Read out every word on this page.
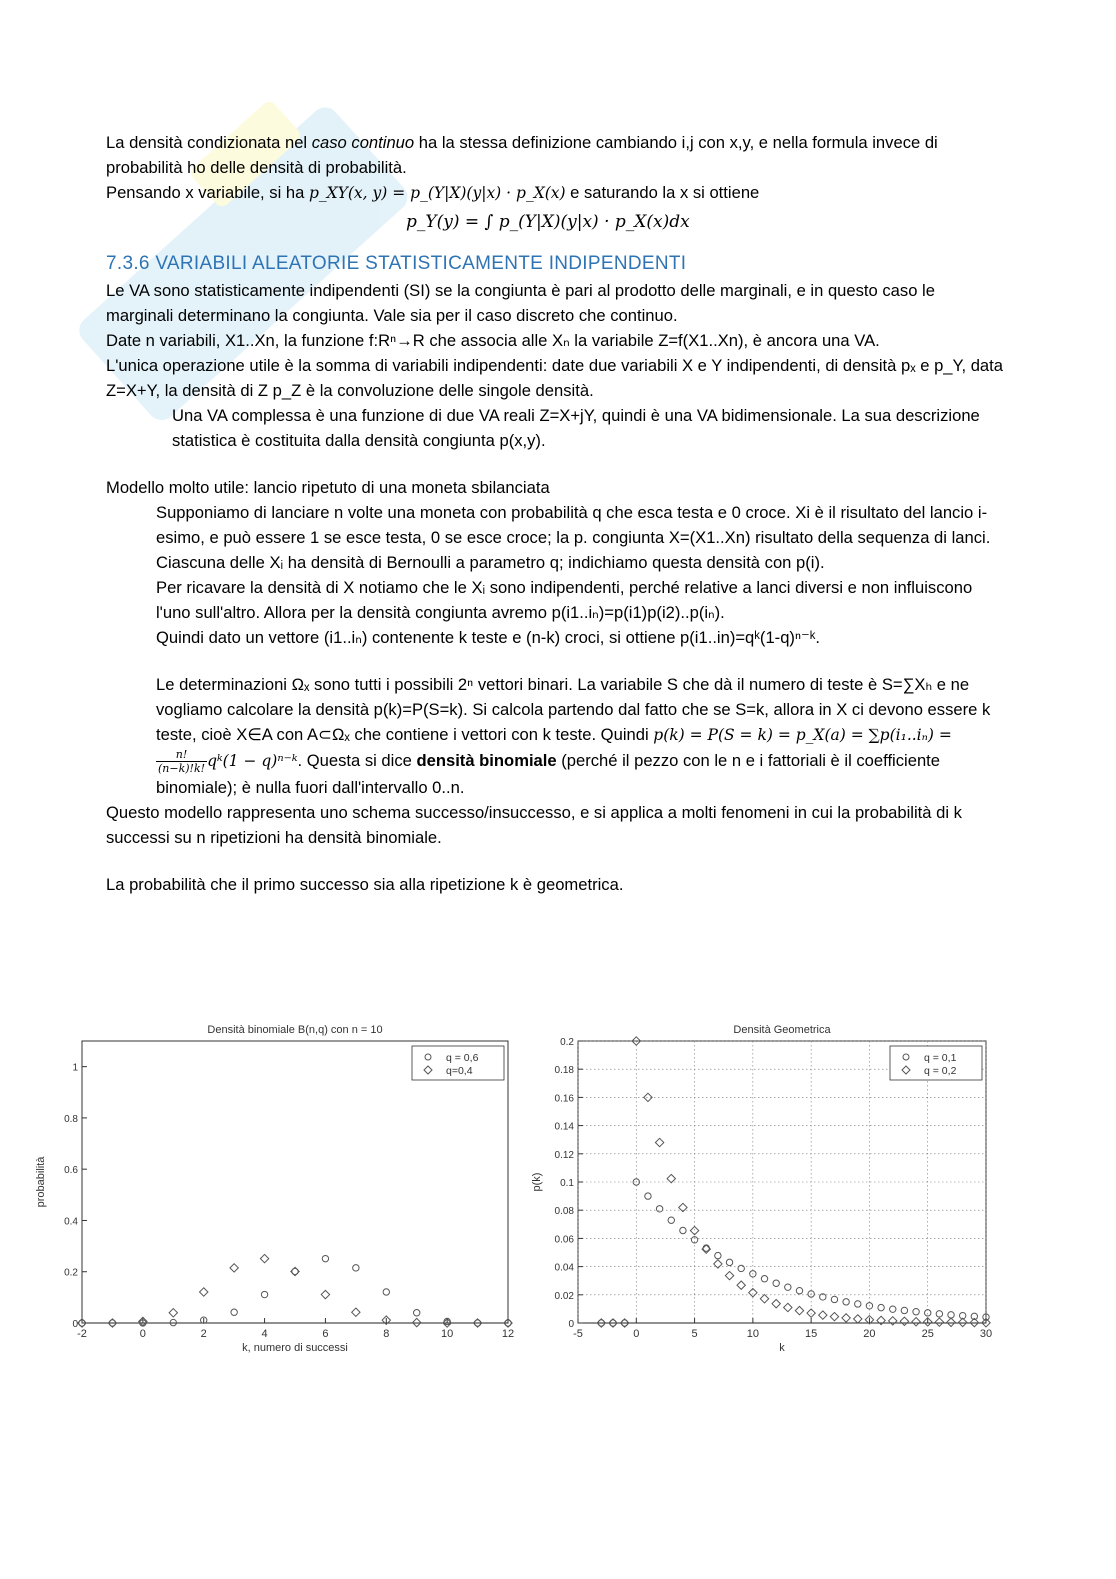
La densità condizionata nel caso continuo ha la stessa definizione cambiando i,j con x,y, e nella formula invece di probabilità ho delle densità di probabilità.

Pensando x variabile, si ha p_XY(x, y) = p_(Y|X)(y|x) · p_X(x) e saturando la x si ottiene

p_Y(y) = ∫ p_(Y|X)(y|x) · p_X(x)dx

7.3.6 VARIABILI ALEATORIE STATISTICAMENTE INDIPENDENTI

Le VA sono statisticamente indipendenti (SI) se la congiunta è pari al prodotto delle marginali, e in questo caso le marginali determinano la congiunta. Vale sia per il caso discreto che continuo.

Date n variabili, X1..Xn, la funzione f:Rⁿ→R che associa alle Xₙ la variabile Z=f(X1..Xn), è ancora una VA.

L'unica operazione utile è la somma di variabili indipendenti: date due variabili X e Y indipendenti, di densità pₓ e p_Y, data Z=X+Y, la densità di Z p_Z è la convoluzione delle singole densità.

Una VA complessa è una funzione di due VA reali Z=X+jY, quindi è una VA bidimensionale. La sua descrizione statistica è costituita dalla densità congiunta p(x,y).

Modello molto utile: lancio ripetuto di una moneta sbilanciata

Supponiamo di lanciare n volte una moneta con probabilità q che esca testa e 0 croce. Xi è il risultato del lancio i-esimo, e può essere 1 se esce testa, 0 se esce croce; la p. congiunta X=(X1..Xn) risultato della sequenza di lanci. Ciascuna delle Xᵢ ha densità di Bernoulli a parametro q; indichiamo questa densità con p(i).

Per ricavare la densità di X notiamo che le Xᵢ sono indipendenti, perché relative a lanci diversi e non influiscono l'uno sull'altro. Allora per la densità congiunta avremo p(i1..iₙ)=p(i1)p(i2)..p(iₙ).

Quindi dato un vettore (i1..iₙ) contenente k teste e (n-k) croci, si ottiene p(i1..in)=qᵏ(1-q)ⁿ⁻ᵏ.

Le determinazioni Ωₓ sono tutti i possibili 2ⁿ vettori binari. La variabile S che dà il numero di teste è S=∑Xₕ e ne vogliamo calcolare la densità p(k)=P(S=k). Si calcola partendo dal fatto che se S=k, allora in X ci devono essere k teste, cioè X∈A con A⊂Ωₓ che contiene i vettori con k teste. Quindi p(k) = P(S = k) = p_X(a) = ∑p(i₁..iₙ) =
$\frac{n!}{(n-k)!k!}$ qᵏ(1 − q)ⁿ⁻ᵏ. Questa si dice densità binomiale (perché il pezzo con le n e i fattoriali è il coefficiente binomiale); è nulla fuori dall'intervallo 0..n.

Questo modello rappresenta uno schema successo/insuccesso, e si applica a molti fenomeni in cui la probabilità di k successi su n ripetizioni ha densità binomiale.

La probabilità che il primo successo sia alla ripetizione k è geometrica.

-2	0	2	4	6	8	10	12
0
0.2
0.4
0.6
0.8
1
Densità binomiale B(n,q) con n = 10
k, numero di successi
probabilità
q = 0,6
q=0,4
-5	0	5	10	15	20	25	30
0
0.02
0.04
0.06
0.08
0.1
0.12
0.14
0.16
0.18
0.2
Densità Geometrica
k
p(k)
q = 0,1
q = 0,2
